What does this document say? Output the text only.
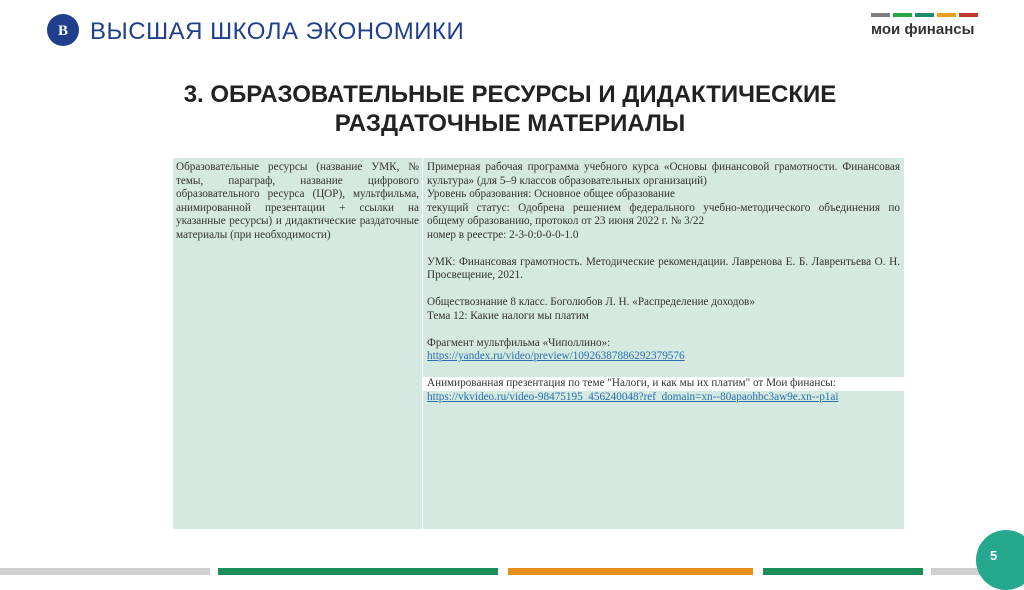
В ВЫСШАЯ ШКОЛА ЭКОНОМИКИ	мои финансы
3. ОБРАЗОВАТЕЛЬНЫЕ РЕСУРСЫ И ДИДАКТИЧЕСКИЕ
РАЗДАТОЧНЫЕ МАТЕРИАЛЫ
Образовательные ресурсы (название УМК, № темы, параграф, название цифрового образовательного ресурса (ЦОР), мультфильма, анимированной презентации + ссылки на указанные ресурсы) и дидактические раздаточные материалы (при необходимости)

Примерная рабочая программа учебного курса «Основы финансовой грамотности. Финансовая культура» (для 5–9 классов образовательных организаций)

Уровень образования: Основное общее образование

текущий статус: Одобрена решением федерального учебно-методического объединения по общему образованию, протокол от 23 июня 2022 г. № 3/22

номер в реестре: 2-3-0:0-0-0-1.0

УМК: Финансовая грамотность. Методические рекомендации. Лавренова Е. Б. Лаврентьева О. Н. Просвещение, 2021.

Обществознание 8 класс. Боголюбов Л. Н. «Распределение доходов»

Тема 12: Какие налоги мы платим

Фрагмент мультфильма «Чиполлино»:

https://yandex.ru/video/preview/10926387886292379576

Анимированная презентация по теме "Налоги, и как мы их платим" от Мои финансы:

https://vkvideo.ru/video-98475195_456240048?ref_domain=xn--80apaohbc3aw9e.xn--p1ai

5
